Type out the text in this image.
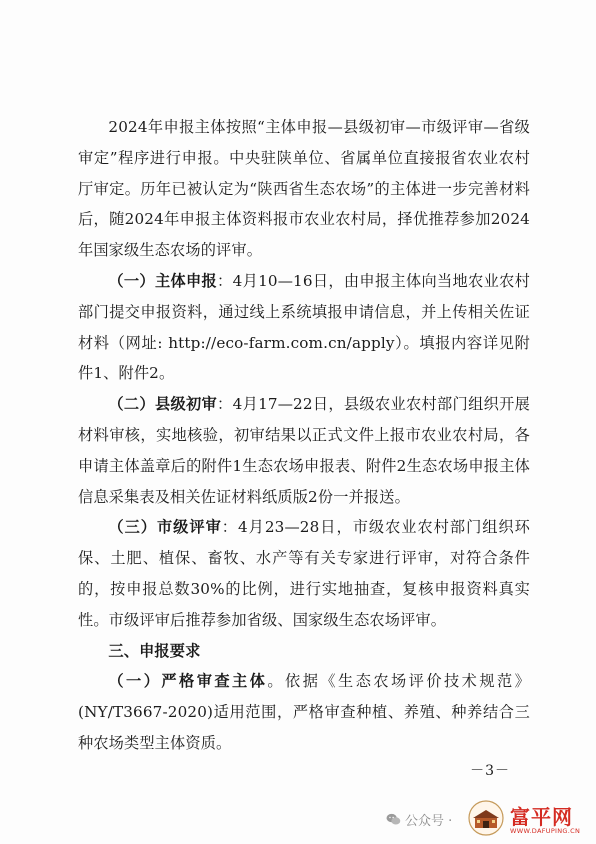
2024年申报主体按照“主体申报—县级初审—市级评审—省级审定”程序进行申报。中央驻陕单位、省属单位直接报省农业农村厅审定。历年已被认定为“陕西省生态农场”的主体进一步完善材料后，随2024年申报主体资料报市农业农村局，择优推荐参加2024年国家级生态农场的评审。

（一）主体申报：4月10—16日，由申报主体向当地农业农村部门提交申报资料，通过线上系统填报申请信息，并上传相关佐证材料（网址: http://eco-farm.com.cn/apply）。填报内容详见附件1、附件2。

（二）县级初审：4月17—22日，县级农业农村部门组织开展材料审核，实地核验，初审结果以正式文件上报市农业农村局，各申请主体盖章后的附件1生态农场申报表、附件2生态农场申报主体信息采集表及相关佐证材料纸质版2份一并报送。

（三）市级评审：4月23—28日，市级农业农村部门组织环保、土肥、植保、畜牧、水产等有关专家进行评审，对符合条件的，按申报总数30%的比例，进行实地抽查，复核申报资料真实性。市级评审后推荐参加省级、国家级生态农场评审。

三、申报要求

（一）严格审查主体。依据《生态农场评价技术规范》(NY/T3667-2020)适用范围，严格审查种植、养殖、种养结合三种农场类型主体资质。

－3－
公众号 ·	富平网
WWW.DAFUPING.CN
